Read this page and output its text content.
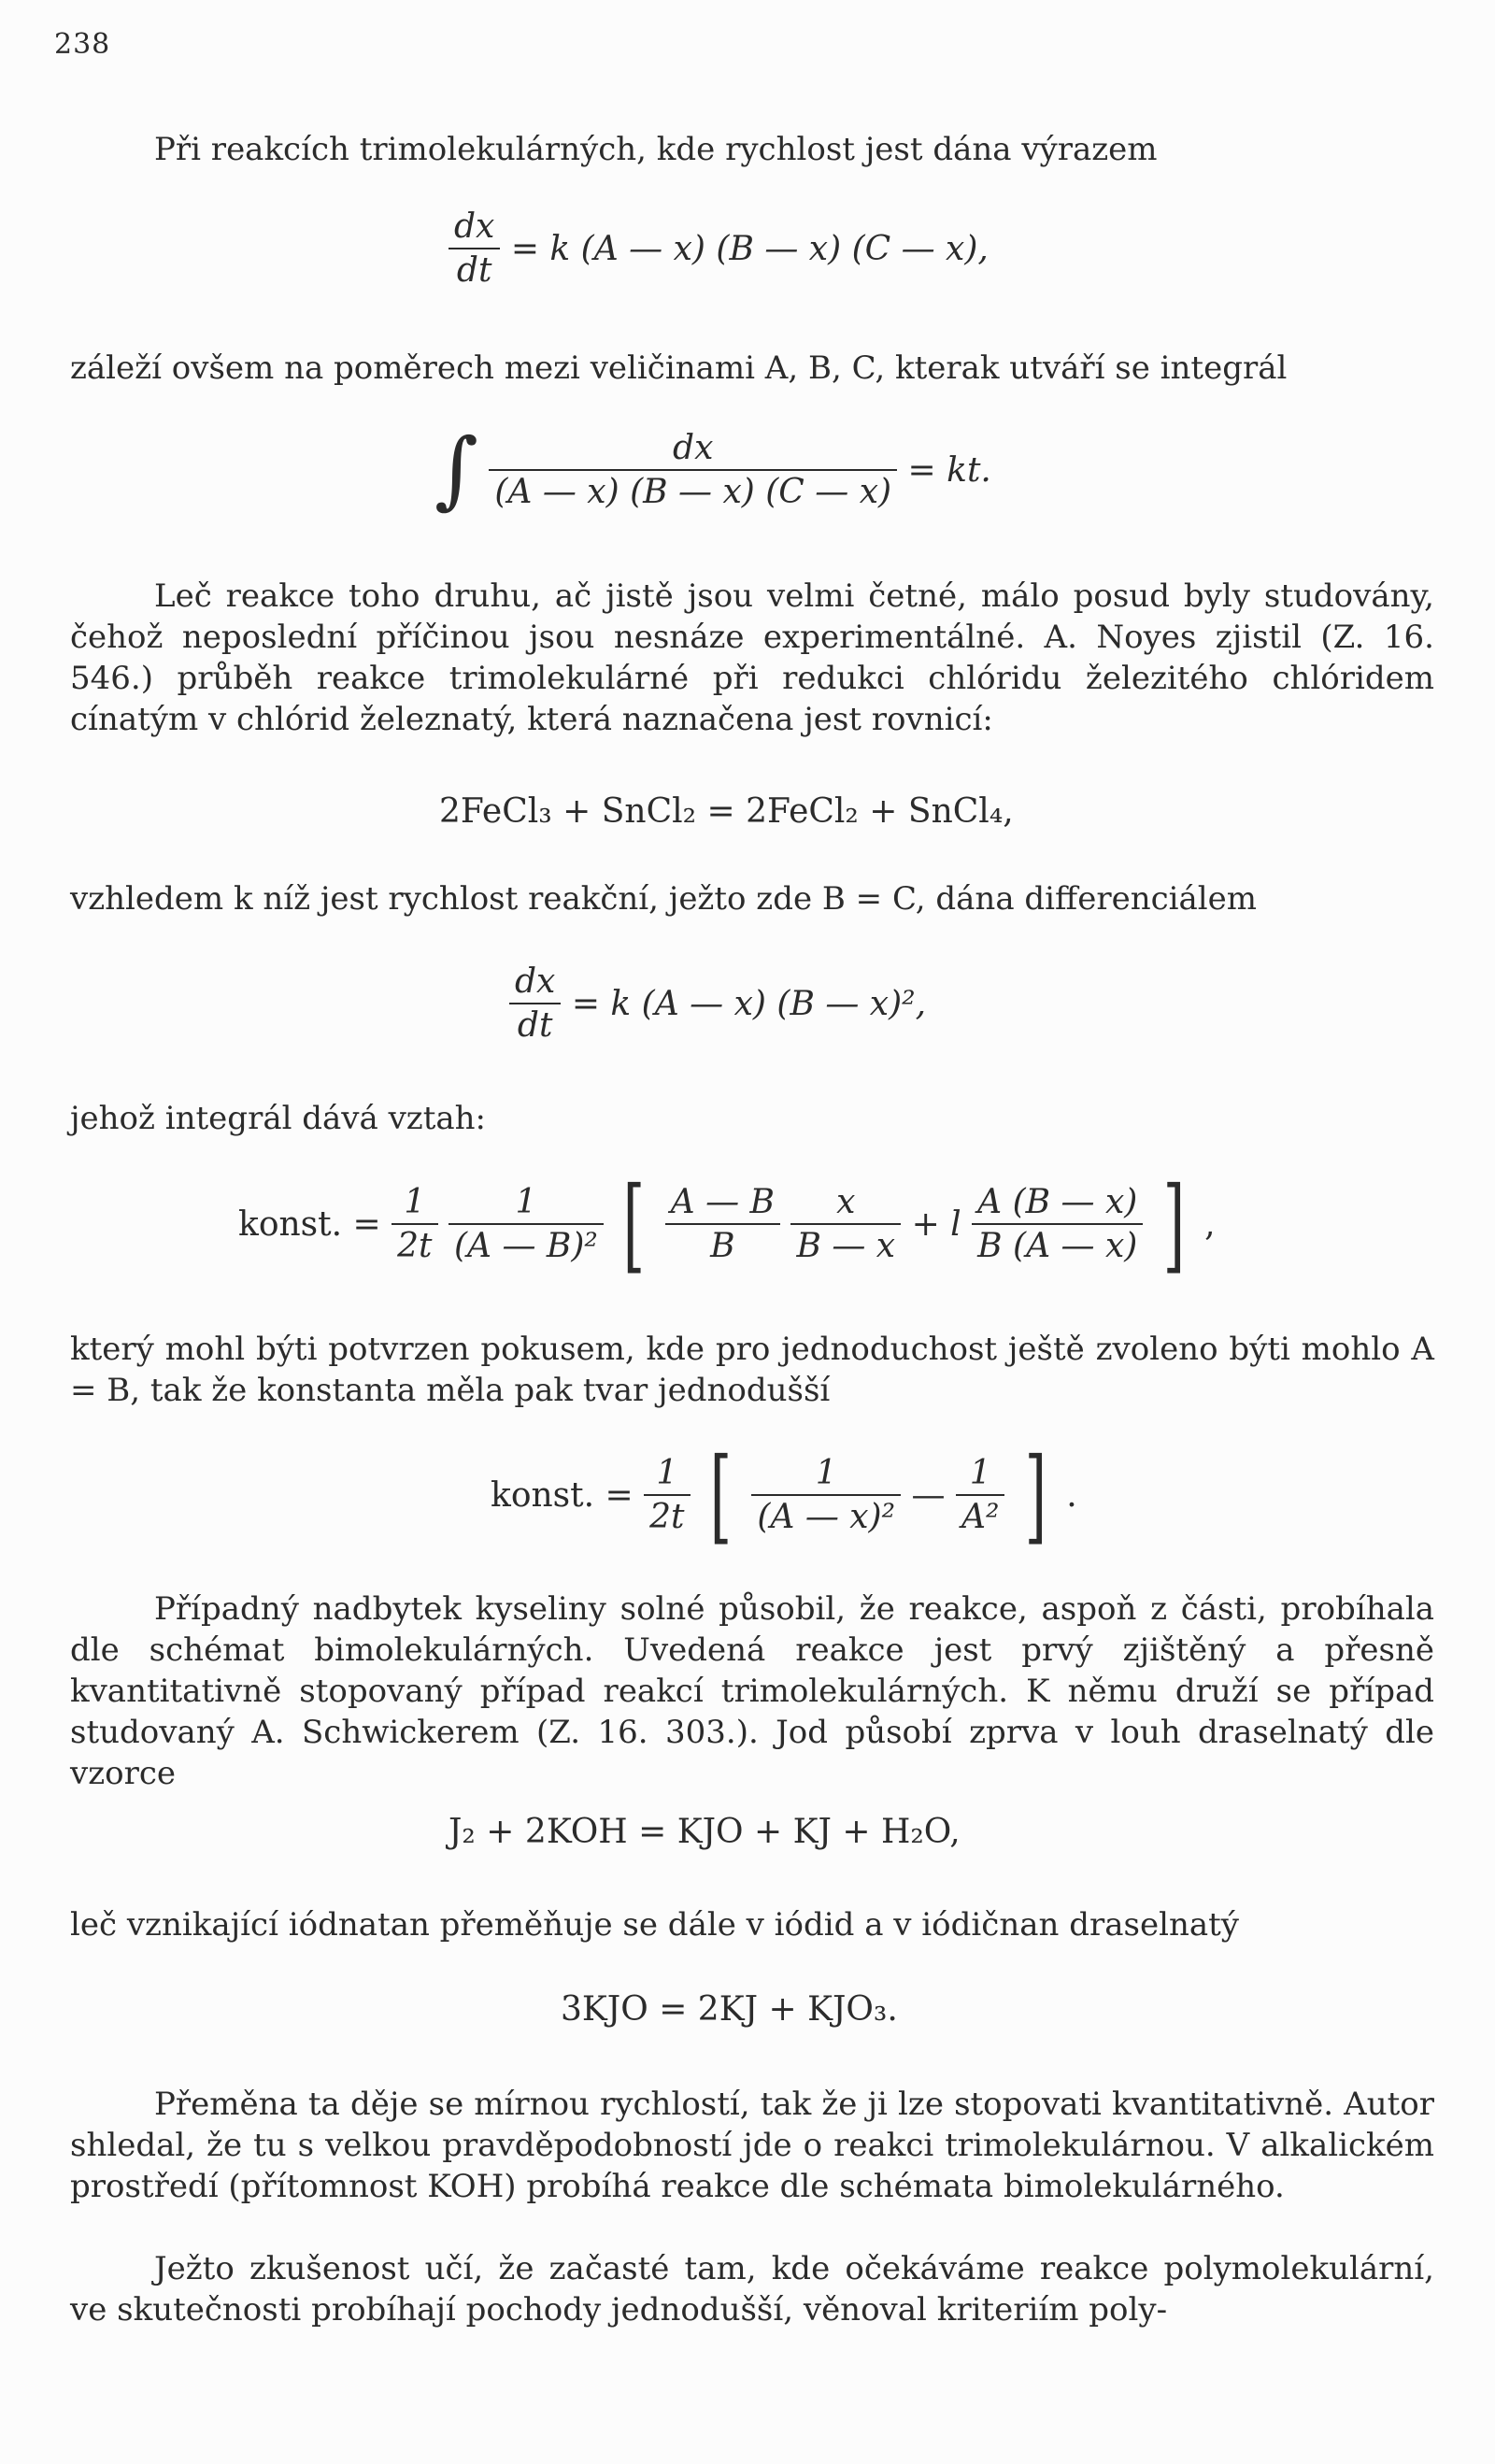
238

Při reakcích trimolekulárných, kde rychlost jest dána výrazem

$\frac{dx}{dt} = k$ (A — x) (B — x) (C — x),

záleží ovšem na poměrech mezi veličinami A, B, C, kterak utváří se integrál

∫ $\frac{dx}{(A — x) (B — x) (C — x)}$ = kt.

Leč reakce toho druhu, ač jistě jsou velmi četné, málo posud byly studovány, čehož neposlední příčinou jsou nesnáze experimentálné. A. Noyes zjistil (Z. 16. 546.) průběh reakce trimolekulárné při redukci chlóridu železitého chlóridem cínatým v chlórid železnatý, která naznačena jest rovnicí:

2FeCl₃ + SnCl₂ = 2FeCl₂ + SnCl₄,

vzhledem k níž jest rychlost reakční, ježto zde B = C, dána differenciálem

$\frac{dx}{dt} = k$ (A — x) (B — x)²,

jehož integrál dává vztah:

konst. = $\frac{1}{2t}$
$\frac{1}{\text{(A — B)²}}$ [ $\frac{A — B}{B}$
$\frac{x}{B — x} + l \frac{A (B — x)}{B (A — x)}$ ] ,

který mohl býti potvrzen pokusem, kde pro jednoduchost ještě zvoleno býti mohlo A = B, tak že konstanta měla pak tvar jednodušší

konst. = $\frac{1}{2t}$ [ $\frac{1}{\text{(A — x)²}}$ — $\frac{1}{\text{A²}}$ ] .

Případný nadbytek kyseliny solné působil, že reakce, aspoň z části, probíhala dle schémat bimolekulárných. Uvedená reakce jest prvý zjištěný a přesně kvantitativně stopovaný případ reakcí trimolekulárných. K němu druží se případ studovaný A. Schwickerem (Z. 16. 303.). Jod působí zprva v louh draselnatý dle vzorce

J₂ + 2KOH = KJO + KJ + H₂O,

leč vznikající iódnatan přeměňuje se dále v iódid a v iódičnan draselnatý

3KJO = 2KJ + KJO₃.

Přeměna ta děje se mírnou rychlostí, tak že ji lze stopovati kvantitativně. Autor shledal, že tu s velkou pravděpodobností jde o reakci trimolekulárnou. V alkalickém prostředí (přítomnost KOH) probíhá reakce dle schémata bimolekulárného.

Ježto zkušenost učí, že začasté tam, kde očekáváme reakce polymolekulární, ve skutečnosti probíhají pochody jednodušší, věnoval kriteriím poly-
